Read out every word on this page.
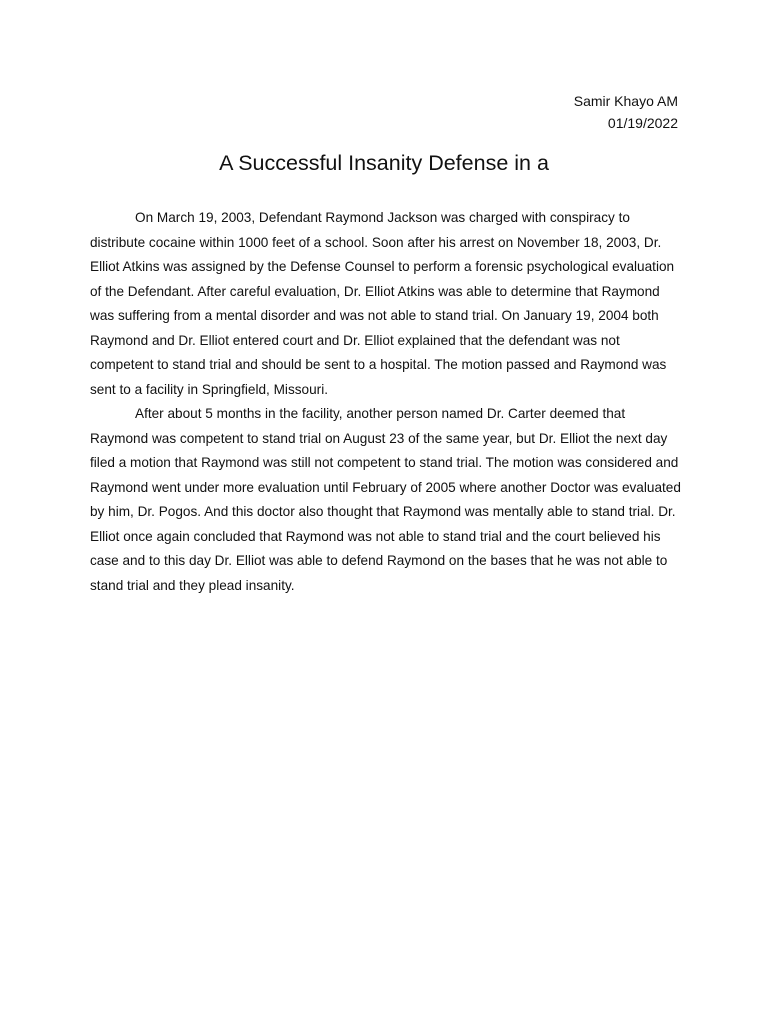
Samir Khayo AM
01/19/2022
A Successful Insanity Defense in a

On March 19, 2003, Defendant Raymond Jackson was charged with conspiracy to distribute cocaine within 1000 feet of a school. Soon after his arrest on November 18, 2003, Dr. Elliot Atkins was assigned by the Defense Counsel to perform a forensic psychological evaluation of the Defendant. After careful evaluation, Dr. Elliot Atkins was able to determine that Raymond was suffering from a mental disorder and was not able to stand trial. On January 19, 2004 both Raymond and Dr. Elliot entered court and Dr. Elliot explained that the defendant was not competent to stand trial and should be sent to a hospital. The motion passed and Raymond was sent to a facility in Springfield, Missouri.

After about 5 months in the facility, another person named Dr. Carter deemed that Raymond was competent to stand trial on August 23 of the same year, but Dr. Elliot the next day filed a motion that Raymond was still not competent to stand trial. The motion was considered and Raymond went under more evaluation until February of 2005 where another Doctor was evaluated by him, Dr. Pogos. And this doctor also thought that Raymond was mentally able to stand trial. Dr. Elliot once again concluded that Raymond was not able to stand trial and the court believed his case and to this day Dr. Elliot was able to defend Raymond on the bases that he was not able to stand trial and they plead insanity.
